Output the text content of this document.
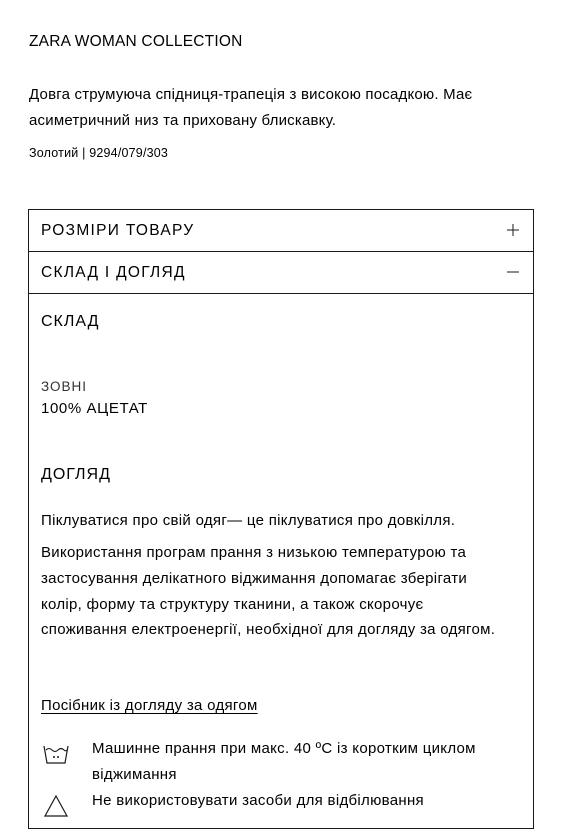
ZARA WOMAN COLLECTION
Довга струмуюча спідниця-трапеція з високою посадкою. Має асиметричний низ та приховану блискавку.
Золотий | 9294/079/303
РОЗМІРИ ТОВАРУ
СКЛАД І ДОГЛЯД
СКЛАД
ЗОВНІ
100% АЦЕТАТ
ДОГЛЯД
Піклуватися про свій одяг— це піклуватися про довкілля.
Використання програм прання з низькою температурою та застосування делікатного віджимання допомагає зберігати колір, форму та структуру тканини, а також скорочує споживання електроенергії, необхідної для догляду за одягом.
Посібник із догляду за одягом
Машинне прання при макс. 40 ºC із коротким циклом віджимання
Не використовувати засоби для відбілювання
